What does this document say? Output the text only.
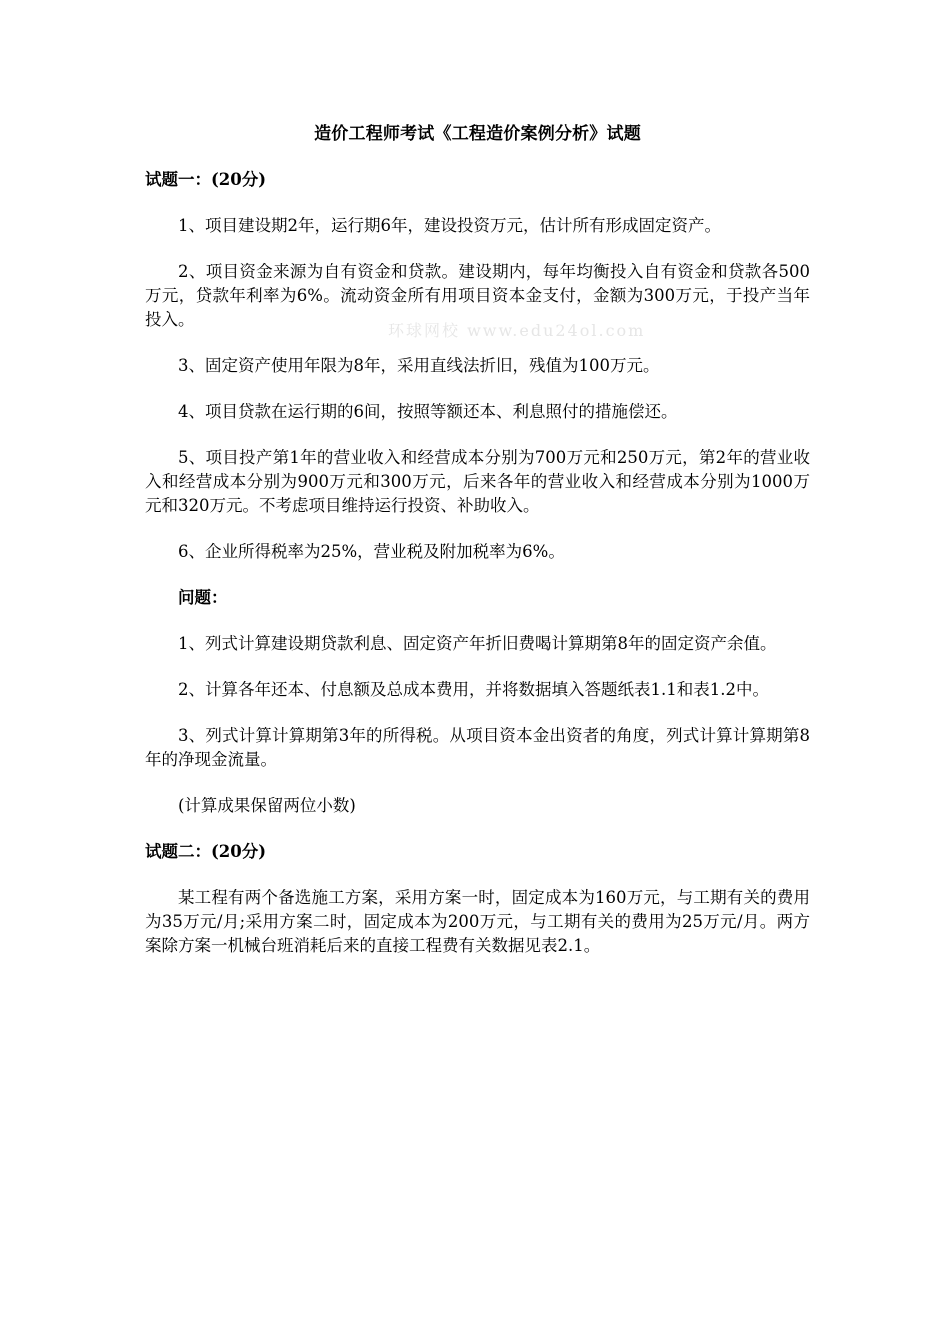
环球网校 www.edu24ol.com

造价工程师考试《工程造价案例分析》试题

试题一：(20分)

1、项目建设期2年，运行期6年，建设投资万元，估计所有形成固定资产。

2、项目资金来源为自有资金和贷款。建设期内，每年均衡投入自有资金和贷款各500万元，贷款年利率为6%。流动资金所有用项目资本金支付，金额为300万元，于投产当年投入。

3、固定资产使用年限为8年，采用直线法折旧，残值为100万元。

4、项目贷款在运行期的6间，按照等额还本、利息照付的措施偿还。

5、项目投产第1年的营业收入和经营成本分别为700万元和250万元，第2年的营业收入和经营成本分别为900万元和300万元，后来各年的营业收入和经营成本分别为1000万元和320万元。不考虑项目维持运行投资、补助收入。

6、企业所得税率为25%，营业税及附加税率为6%。

问题：

1、列式计算建设期贷款利息、固定资产年折旧费喝计算期第8年的固定资产余值。

2、计算各年还本、付息额及总成本费用，并将数据填入答题纸表1.1和表1.2中。

3、列式计算计算期第3年的所得税。从项目资本金出资者的角度，列式计算计算期第8年的净现金流量。

(计算成果保留两位小数)

试题二：(20分)

某工程有两个备选施工方案，采用方案一时，固定成本为160万元，与工期有关的费用为35万元/月;采用方案二时，固定成本为200万元，与工期有关的费用为25万元/月。两方案除方案一机械台班消耗后来的直接工程费有关数据见表2.1。
